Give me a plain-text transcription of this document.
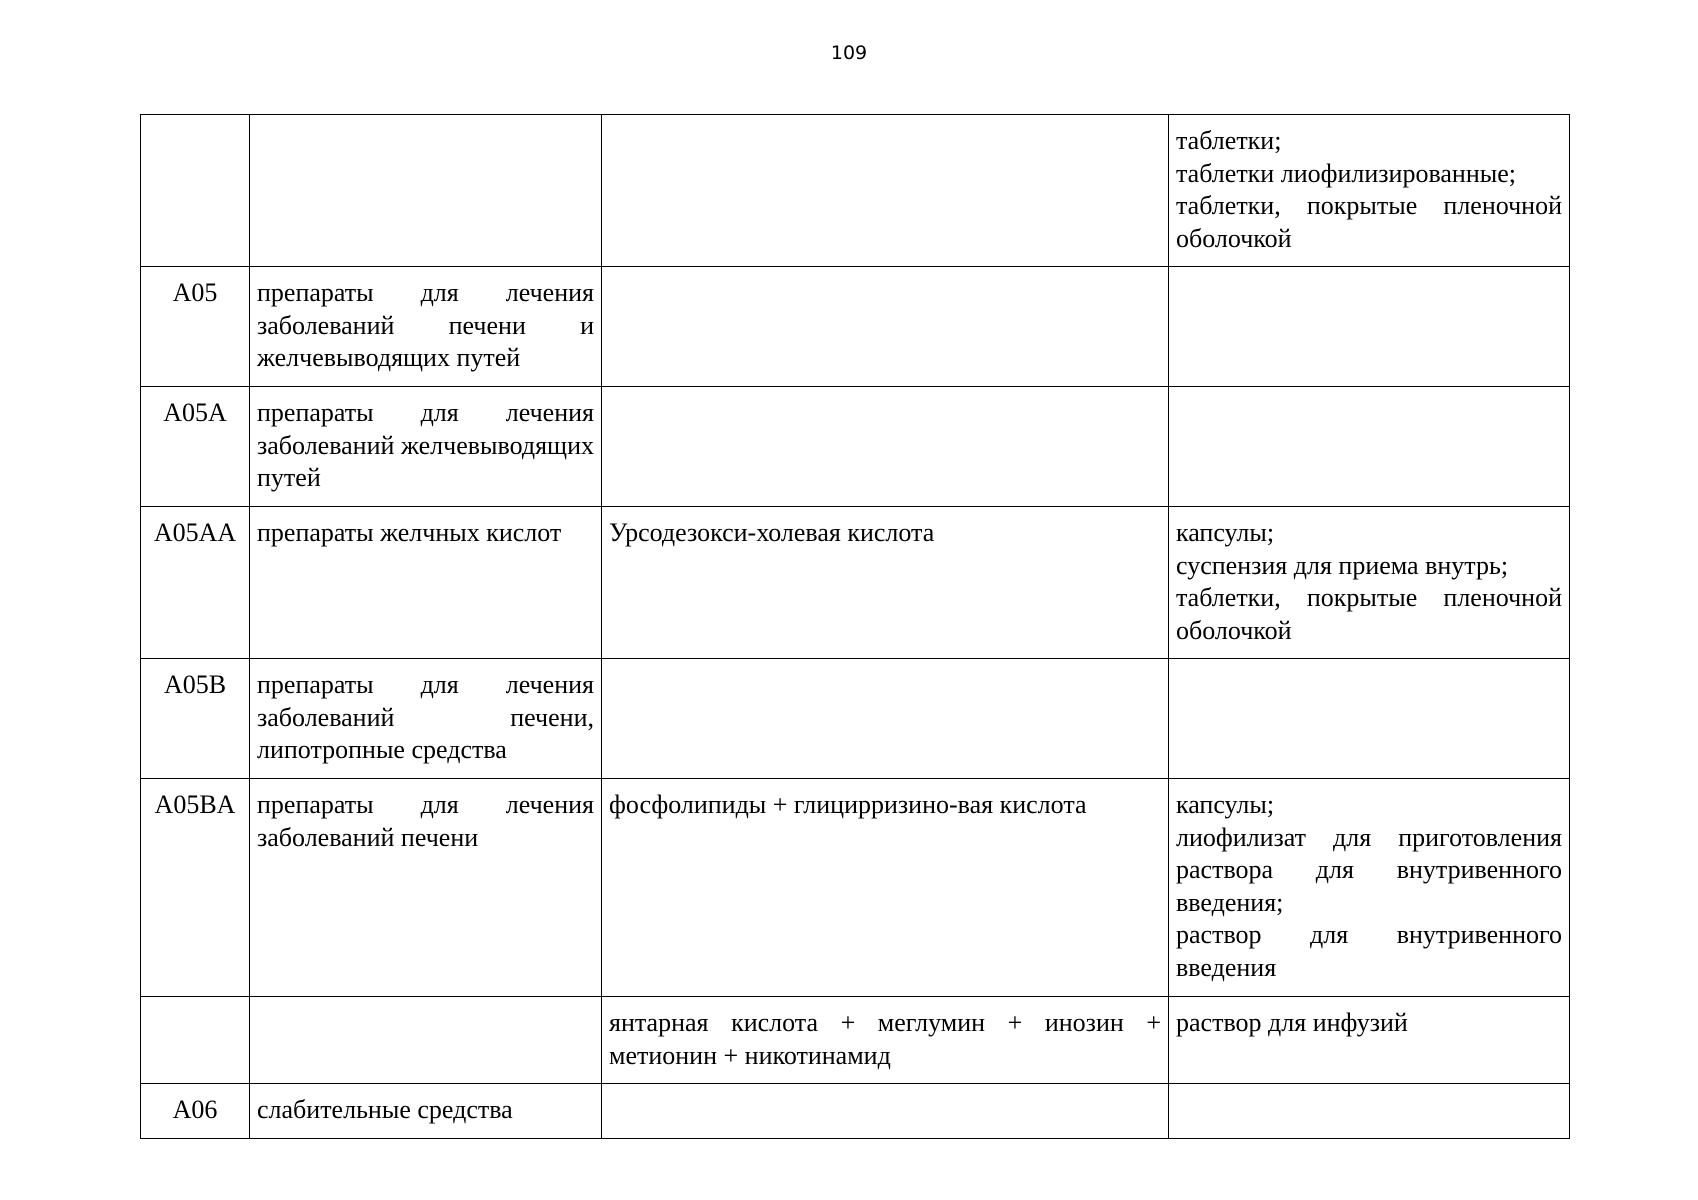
109

			таблетки;
таблетки лиофилизированные;
таблетки, покрытые пленочной оболочкой

A05	препараты для лечения заболеваний печени и желчевыводящих путей		
A05A	препараты для лечения заболеваний желчевыводящих путей		
A05AA	препараты желчных кислот	Урсодезокси-холевая кислота	капсулы;
суспензия для приема внутрь;
таблетки, покрытые пленочной оболочкой

A05B	препараты для лечения заболеваний печени, липотропные средства		
A05BA	препараты для лечения заболеваний печени	фосфолипиды + глицирризино-вая кислота	капсулы;
лиофилизат для приготовления раствора для внутривенного введения;
раствор для внутривенного введения

		янтарная кислота + меглумин + инозин + метионин + никотинамид	раствор для инфузий

A06	слабительные средства		
